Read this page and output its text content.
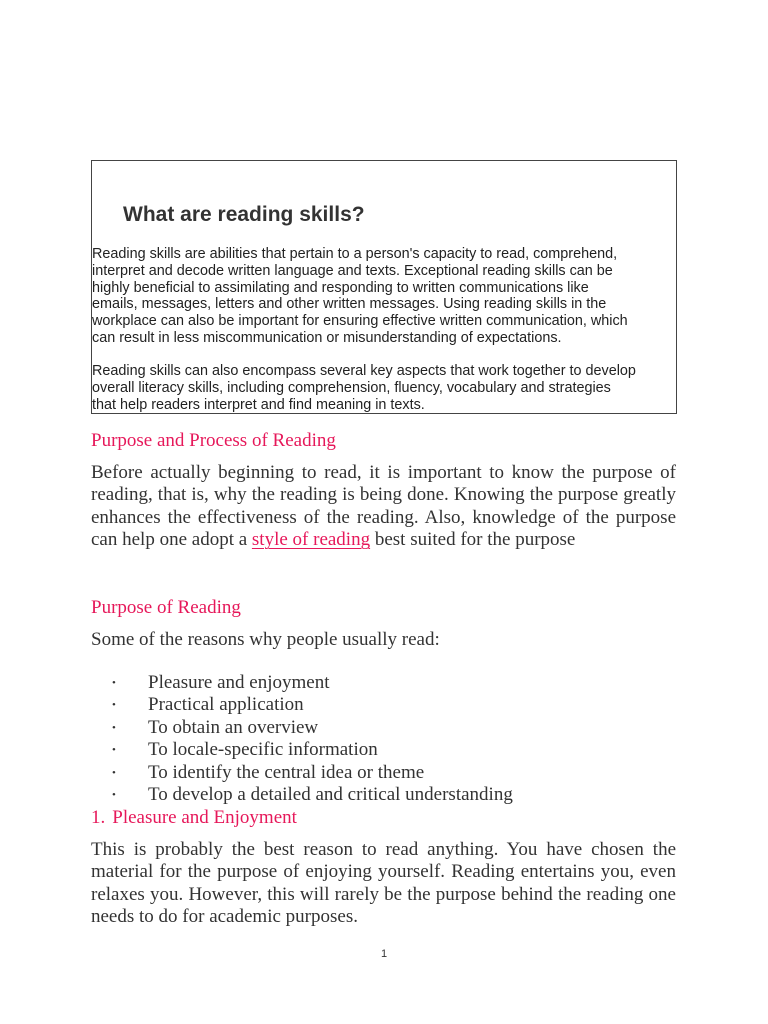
What are reading skills?

Reading skills are abilities that pertain to a person's capacity to read, comprehend,
interpret and decode written language and texts. Exceptional reading skills can be
highly beneficial to assimilating and responding to written communications like
emails, messages, letters and other written messages. Using reading skills in the
workplace can also be important for ensuring effective written communication, which
can result in less miscommunication or misunderstanding of expectations.

Reading skills can also encompass several key aspects that work together to develop
overall literacy skills, including comprehension, fluency, vocabulary and strategies
that help readers interpret and find meaning in texts.

Purpose and Process of Reading

Before actually beginning to read, it is important to know the purpose of reading, that is, why the reading is being done. Knowing the purpose greatly enhances the effectiveness of the reading. Also, knowledge of the purpose can help one adopt a style of reading best suited for the purpose

Purpose of Reading

Some of the reasons why people usually read:

• Pleasure and enjoyment
• Practical application
• To obtain an overview
• To locale-specific information
• To identify the central idea or theme
• To develop a detailed and critical understanding
1. Pleasure and Enjoyment

This is probably the best reason to read anything. You have chosen the material for the purpose of enjoying yourself. Reading entertains you, even relaxes you. However, this will rarely be the purpose behind the reading one needs to do for academic purposes.

1
